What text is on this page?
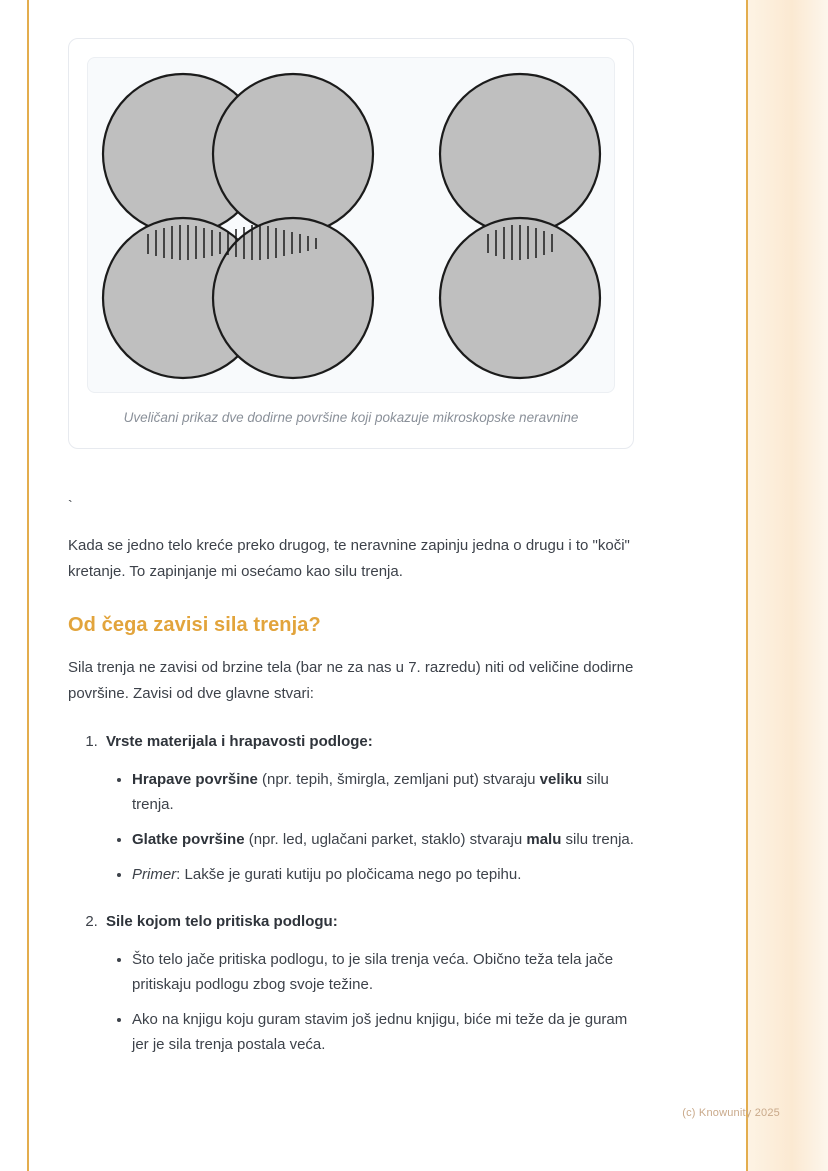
Uveličani prikaz dve dodirne površine koji pokazuje mikroskopske neravnine
`

Kada se jedno telo kreće preko drugog, te neravnine zapinju jedna o drugu i to "koči" kretanje. To zapinjanje mi osećamo kao silu trenja.

Od čega zavisi sila trenja?

Sila trenja ne zavisi od brzine tela (bar ne za nas u 7. razredu) niti od veličine dodirne površine. Zavisi od dve glavne stvari:

1. Vrste materijala i hrapavosti podloge:
• Hrapave površine (npr. tepih, šmirgla, zemljani put) stvaraju veliku silu trenja.
• Glatke površine (npr. led, uglačani parket, staklo) stvaraju malu silu trenja.
• Primer: Lakše je gurati kutiju po pločicama nego po tepihu.
2. Sile kojom telo pritiska podlogu:
• Što telo jače pritiska podlogu, to je sila trenja veća. Obično teža tela jače pritiskaju podlogu zbog svoje težine.
• Ako na knjigu koju guram stavim još jednu knjigu, biće mi teže da je guram jer je sila trenja postala veća.
(c) Knowunity 2025
